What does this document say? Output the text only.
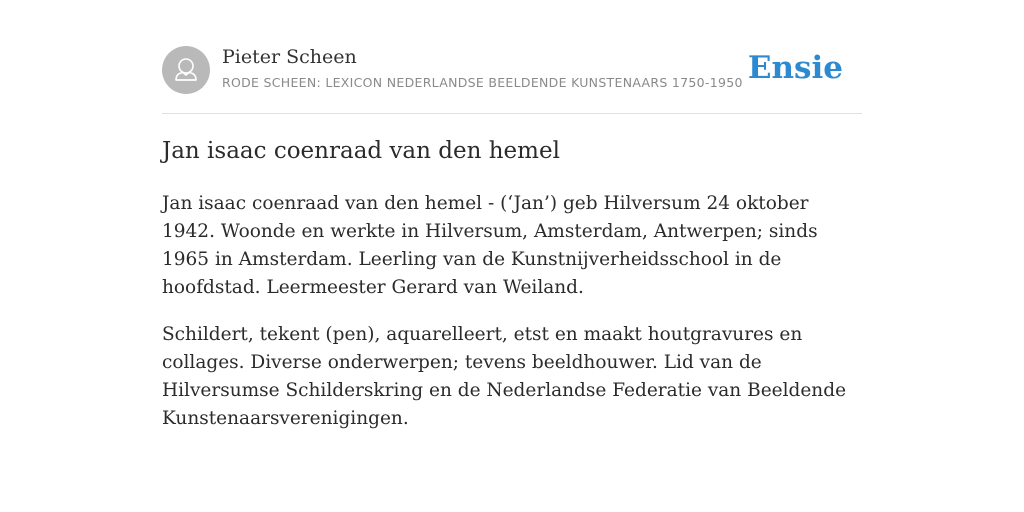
Pieter Scheen
RODE SCHEEN: LEXICON NEDERLANDSE BEELDENDE KUNSTENAARS 1750-1950 Ensie
Jan isaac coenraad van den hemel

Jan isaac coenraad van den hemel - (‘Jan’) geb Hilversum 24 oktober 1942. Woonde en werkte in Hilversum, Amsterdam, Antwerpen; sinds 1965 in Amsterdam. Leerling van de Kunstnijverheidsschool in de hoofdstad. Leermeester Gerard van Weiland.

Schildert, tekent (pen), aquarelleert, etst en maakt houtgravures en collages. Diverse onderwerpen; tevens beeldhouwer. Lid van de Hilversumse Schilderskring en de Nederlandse Federatie van Beeldende Kunstenaarsverenigingen.
